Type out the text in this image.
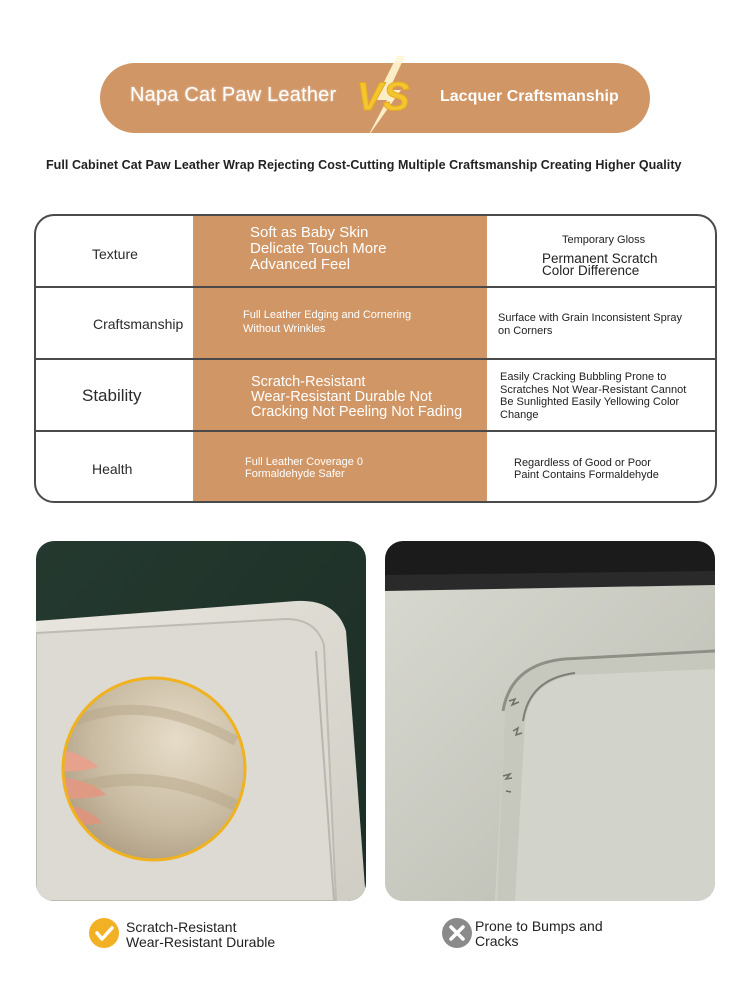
Napa Cat Paw Leather VS Lacquer Craftsmanship
Full Cabinet Cat Paw Leather Wrap Rejecting Cost-Cutting Multiple Craftsmanship Creating Higher Quality
Texture
Soft as Baby Skin
Delicate Touch More
Advanced Feel
Temporary Gloss
Permanent Scratch
Color Difference
Craftsmanship
Full Leather Edging and Cornering
Without Wrinkles
Surface with Grain Inconsistent Spray
on Corners
Stability
Scratch-Resistant
Wear-Resistant Durable Not
Cracking Not Peeling Not Fading
Easily Cracking Bubbling Prone to
Scratches Not Wear-Resistant Cannot
Be Sunlighted Easily Yellowing Color
Change
Health	Full Leather Coverage 0
Formaldehyde Safer
Regardless of Good or Poor
Paint Contains Formaldehyde
Scratch-Resistant
Wear-Resistant Durable
Prone to Bumps and
Cracks
